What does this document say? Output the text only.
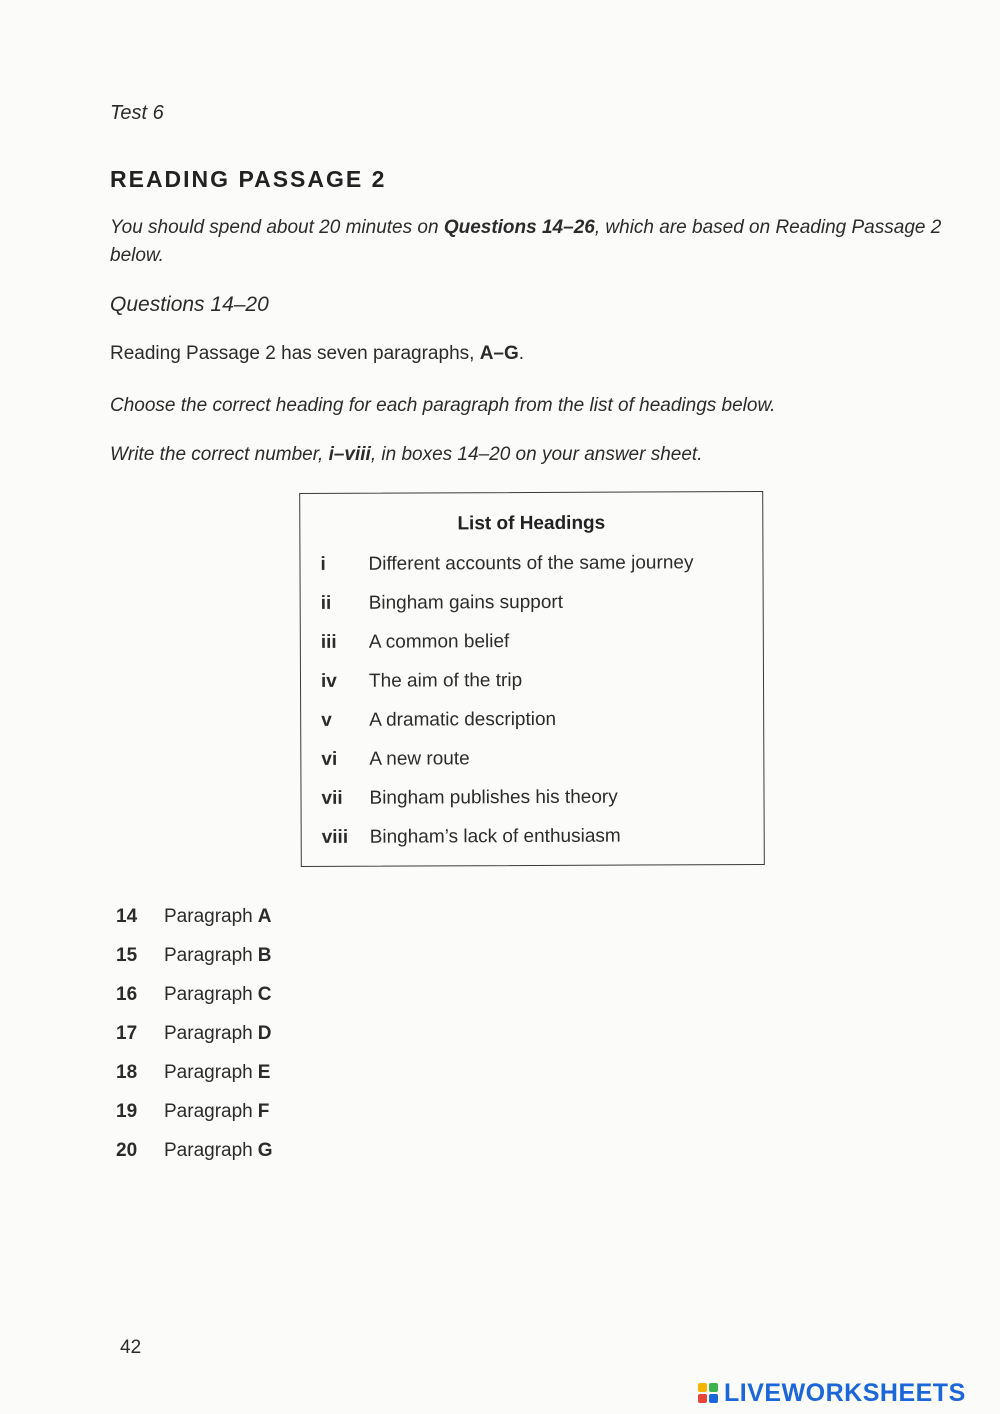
Test 6
READING PASSAGE 2
You should spend about 20 minutes on Questions 14–26, which are based on Reading Passage 2 below.
Questions 14–20
Reading Passage 2 has seven paragraphs, A–G.
Choose the correct heading for each paragraph from the list of headings below.
Write the correct number, i–viii, in boxes 14–20 on your answer sheet.
List of Headings
i	Different accounts of the same journey
ii	Bingham gains support
iii	A common belief
iv	The aim of the trip
v	A dramatic description
vi	A new route
vii	Bingham publishes his theory
viii	Bingham’s lack of enthusiasm
14 Paragraph A
15 Paragraph B
16 Paragraph C
17 Paragraph D
18 Paragraph E
19 Paragraph F
20 Paragraph G
42
LIVEWORKSHEETS
